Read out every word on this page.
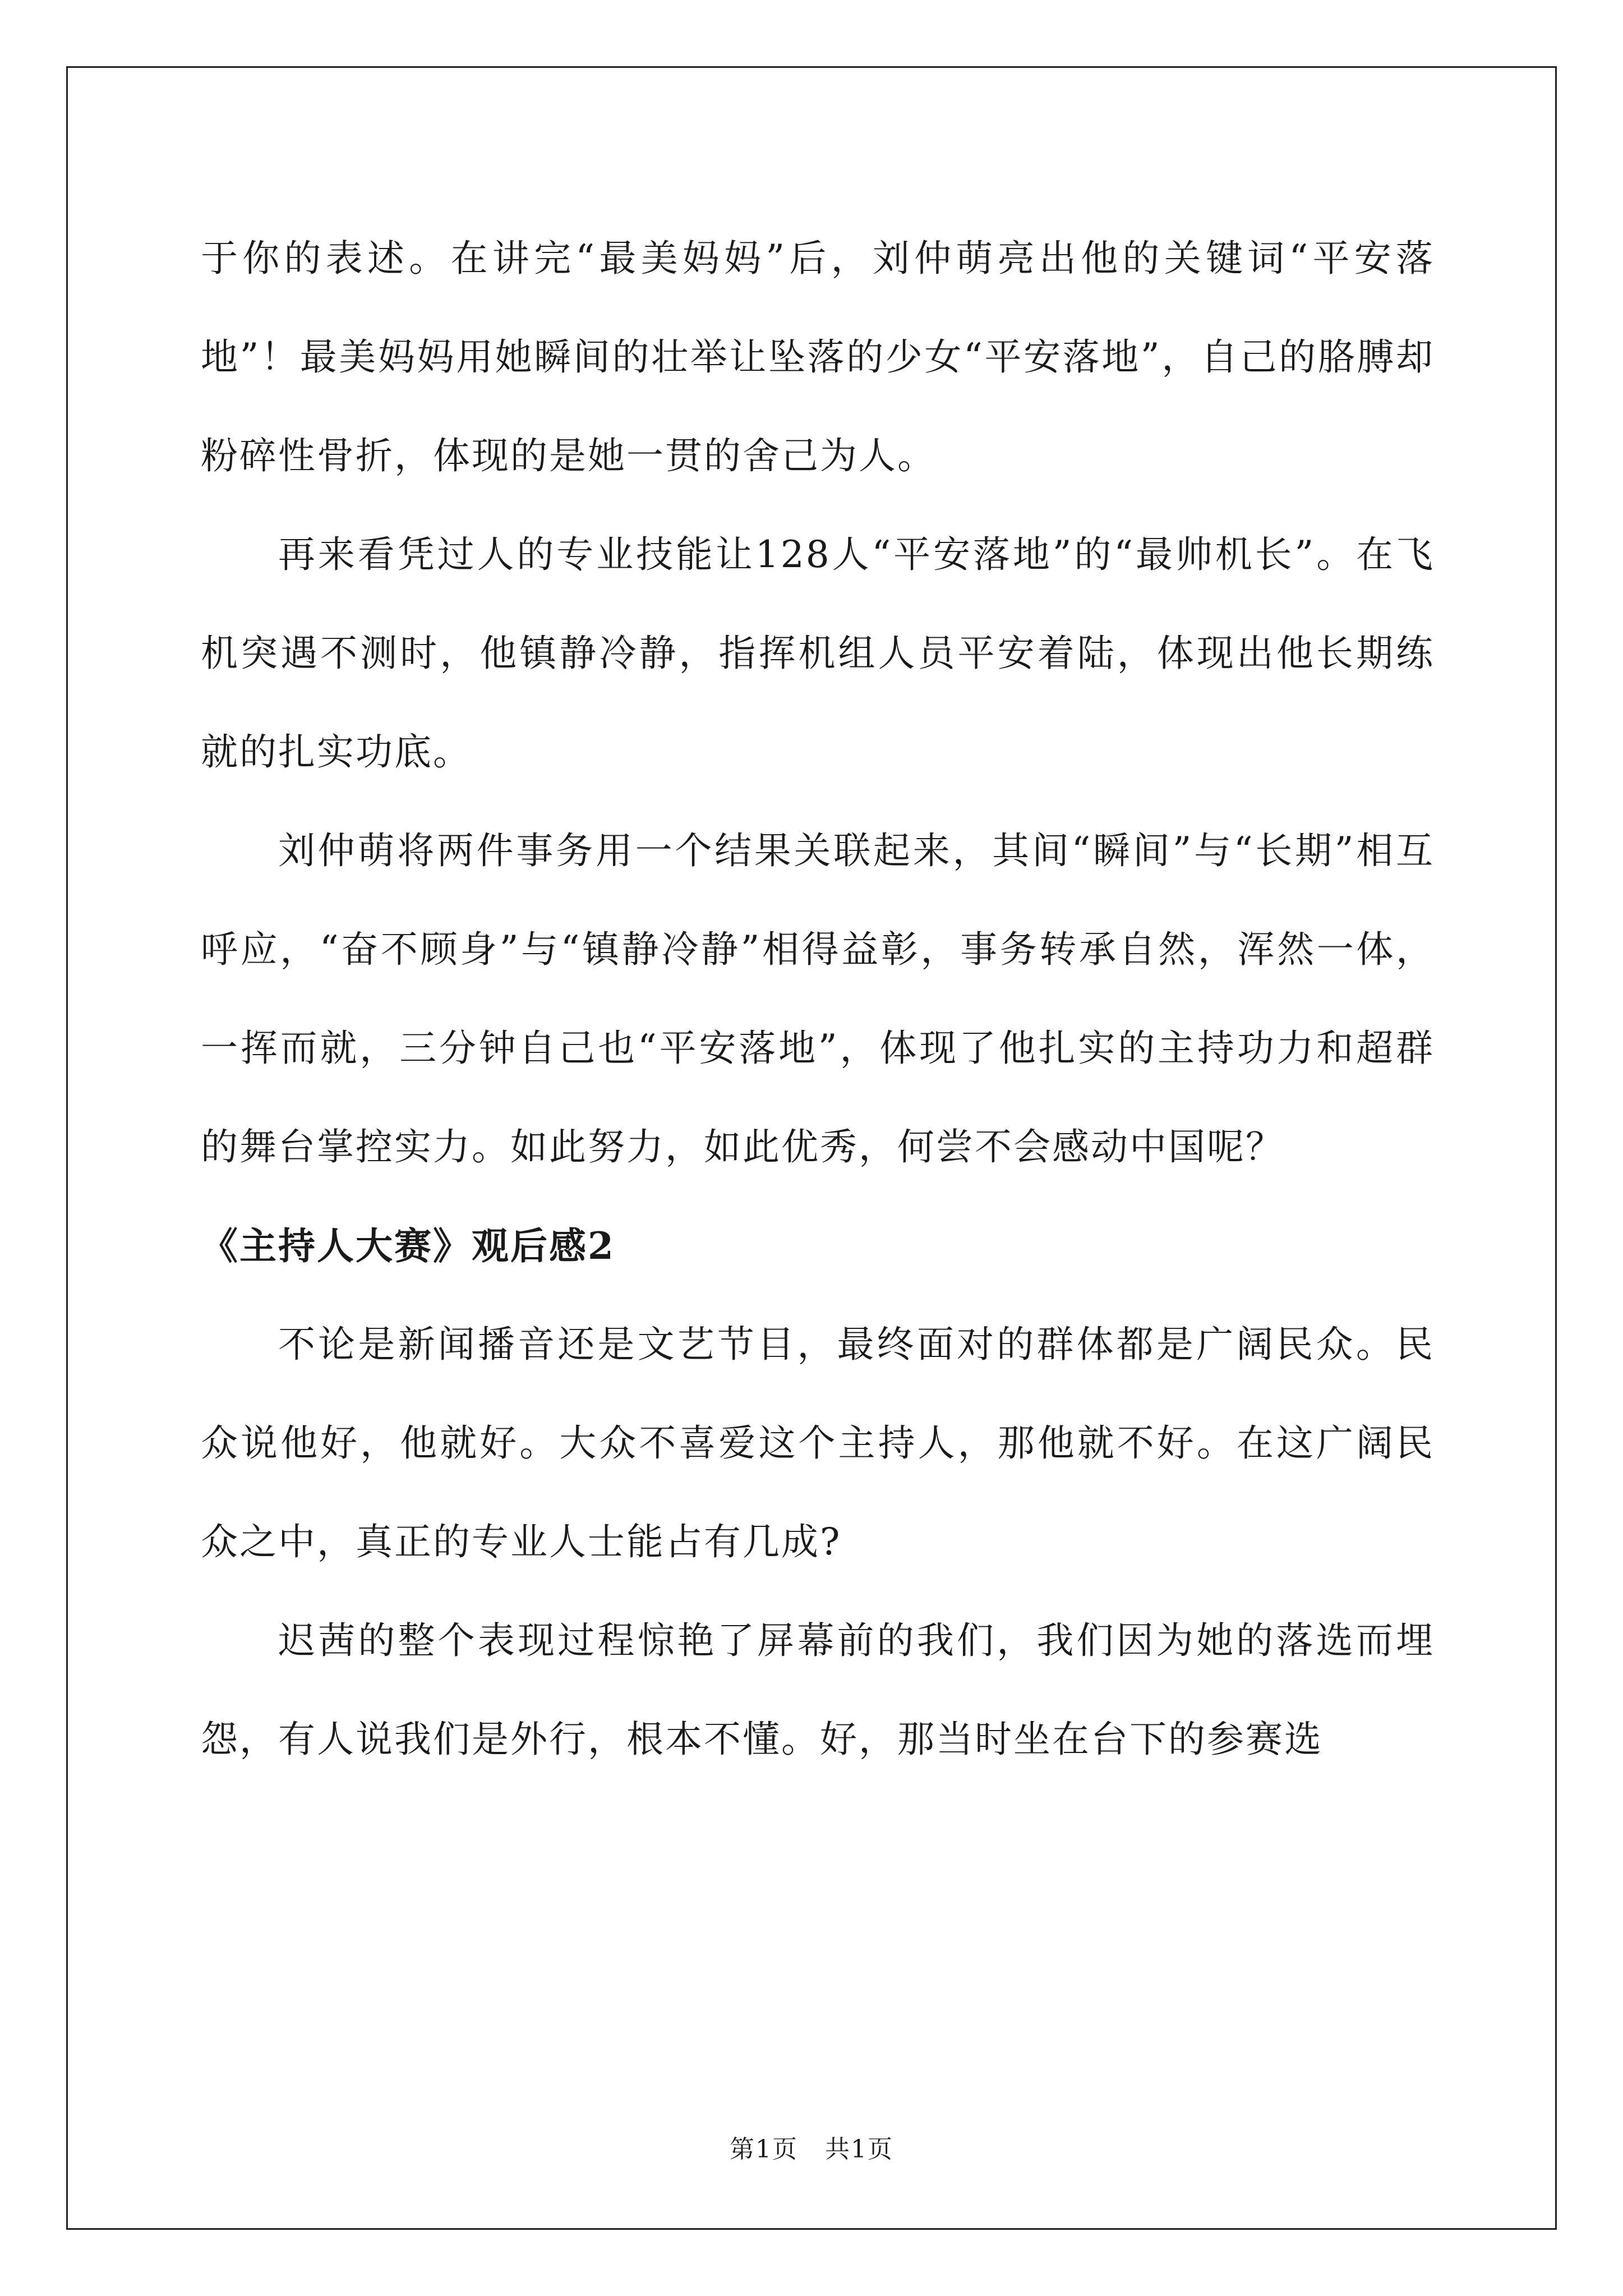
于你的表述。在讲完“最美妈妈”后，刘仲萌亮出他的关键词“平安落地”！最美妈妈用她瞬间的壮举让坠落的少女“平安落地”，自己的胳膊却粉碎性骨折，体现的是她一贯的舍己为人。

再来看凭过人的专业技能让128人“平安落地”的“最帅机长”。在飞机突遇不测时，他镇静冷静，指挥机组人员平安着陆，体现出他长期练就的扎实功底。

刘仲萌将两件事务用一个结果关联起来，其间“瞬间”与“长期”相互呼应，“奋不顾身”与“镇静冷静”相得益彰，事务转承自然，浑然一体，一挥而就，三分钟自己也“平安落地”，体现了他扎实的主持功力和超群的舞台掌控实力。如此努力，如此优秀，何尝不会感动中国呢？

《主持人大赛》观后感2

不论是新闻播音还是文艺节目，最终面对的群体都是广阔民众。民众说他好，他就好。大众不喜爱这个主持人，那他就不好。在这广阔民众之中，真正的专业人士能占有几成?

迟茜的整个表现过程惊艳了屏幕前的我们，我们因为她的落选而埋怨，有人说我们是外行，根本不懂。好，那当时坐在台下的参赛选

第1页 共1页
